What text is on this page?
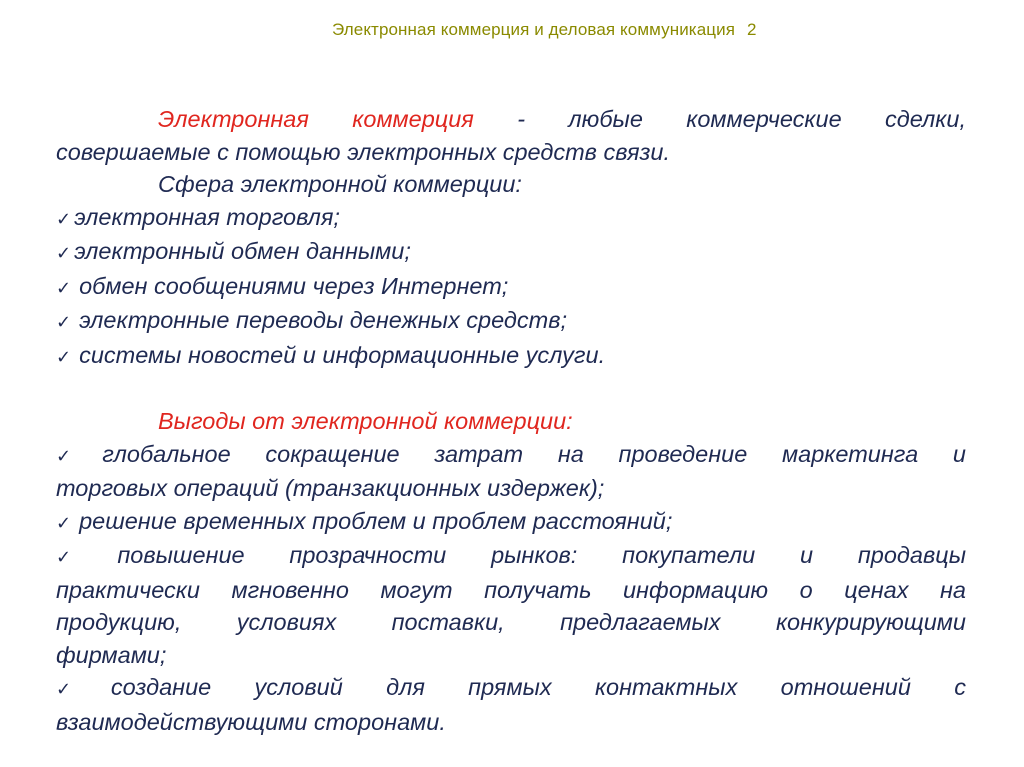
Электронная коммерция и деловая коммуникация 2
Электронная коммерция - любые коммерческие сделки,
совершаемые с помощью электронных средств связи.
Сфера электронной коммерции:
✓ электронная торговля;
✓ электронный обмен данными;
✓ обмен сообщениями через Интернет;
✓ электронные переводы денежных средств;
✓ системы новостей и информационные услуги.
Выгоды от электронной коммерции:
✓ глобальное сокращение затрат на проведение маркетинга и
торговых операций (транзакционных издержек);
✓ решение временных проблем и проблем расстояний;
✓ повышение прозрачности рынков: покупатели и продавцы
практически мгновенно могут получать информацию о ценах на
продукцию, условиях поставки, предлагаемых конкурирующими
фирмами;
✓ создание условий для прямых контактных отношений с
взаимодействующими сторонами.
